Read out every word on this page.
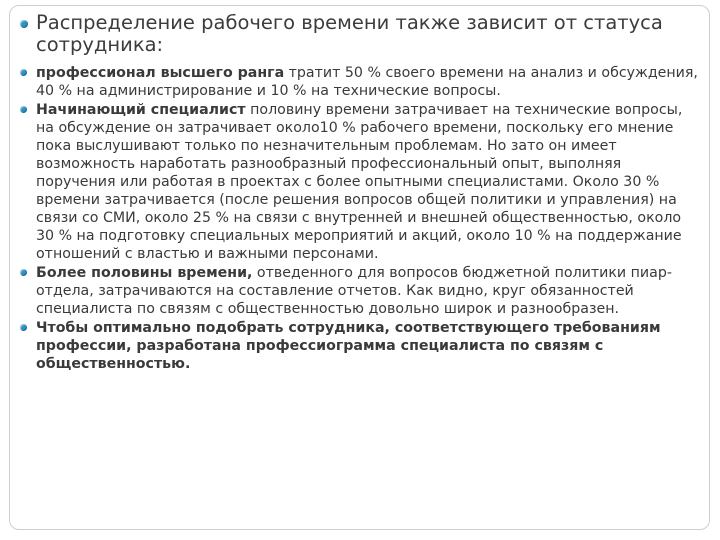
Распределение рабочего времени также зависит от статуса сотрудника:
профессионал высшего ранга тратит 50 % своего времени на анализ и обсуждения, 40 % на администрирование и 10 % на технические вопросы.
Начинающий специалист половину времени затрачивает на технические вопросы, на обсуждение он затрачивает около10 % рабочего времени, поскольку его мнение пока выслушивают только по незначительным проблемам. Но зато он имеет возможность наработать разнообразный профессиональный опыт, выполняя поручения или работая в проектах с более опытными специалистами. Около 30 % времени затрачивается (после решения вопросов общей политики и управления) на связи со СМИ, около 25 % на связи с внутренней и внешней общественностью, около 30 % на подготовку специальных мероприятий и акций, около 10 % на поддержание отношений с властью и важными персонами.
Более половины времени, отведенного для вопросов бюджетной политики пиар-отдела, затрачиваются на составление отчетов. Как видно, круг обязанностей специалиста по связям с общественностью довольно широк и разнообразен.
Чтобы оптимально подобрать сотрудника, соответствующего требованиям профессии, разработана профессиограмма специалиста по связям с общественностью.
